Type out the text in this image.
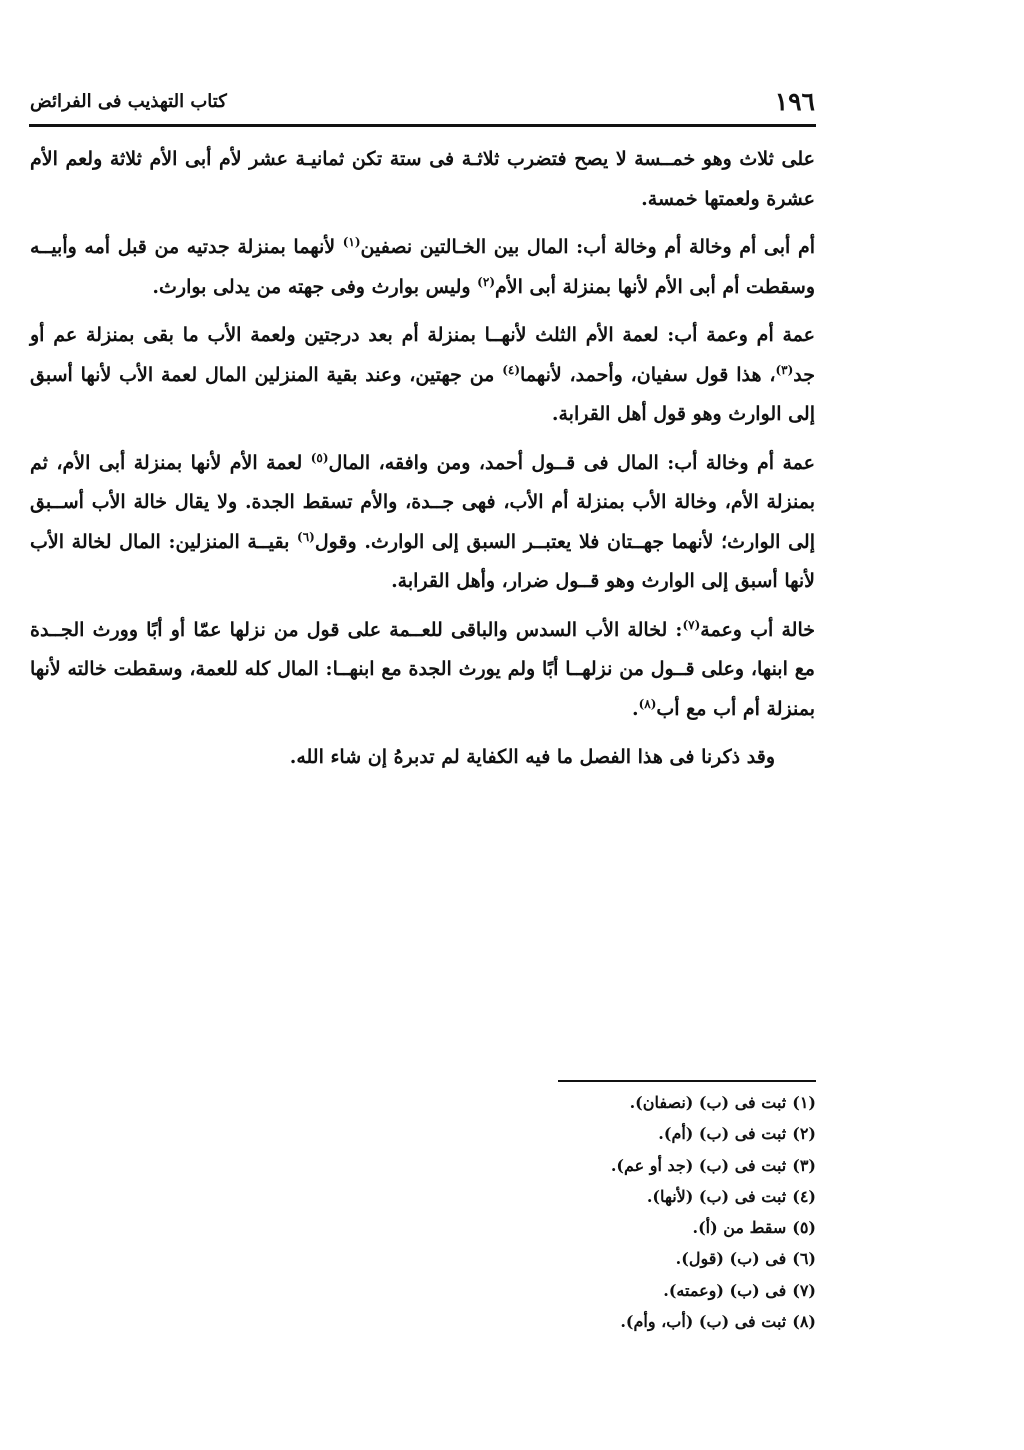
١٩٦
كتاب التهذيب فى الفرائض

على ثلاث وهو خمــسة لا يصح فتضرب ثلاثـة فى ستة تكن ثمانيـة عشر لأم أبى الأم ثلاثة ولعم الأم عشرة ولعمتها خمسة.

أم أبى أم وخالة أم وخالة أب: المال بين الخـالتين نصفين$^{(١)}$ لأنهما بمنزلة جدتيه من قبل أمه وأبيــه وسقطت أم أبى الأم لأنها بمنزلة أبى الأم$^{(٢)}$ وليس بوارث وفى جهته من يدلى بوارث.

عمة أم وعمة أب: لعمة الأم الثلث لأنهــا بمنزلة أم بعد درجتين ولعمة الأب ما بقى بمنزلة عم أو جد$^{(٣)}$، هذا قول سفيان، وأحمد، لأنهما$^{(٤)}$ من جهتين، وعند بقية المنزلين المال لعمة الأب لأنها أسبق إلى الوارث وهو قول أهل القرابة.

عمة أم وخالة أب: المال فى قــول أحمد، ومن وافقه، المال$^{(٥)}$ لعمة الأم لأنها بمنزلة أبى الأم، ثم بمنزلة الأم، وخالة الأب بمنزلة أم الأب، فهى جــدة، والأم تسقط الجدة. ولا يقال خالة الأب أســبق إلى الوارث؛ لأنهما جهــتان فلا يعتبــر السبق إلى الوارث. وقول$^{(٦)}$ بقيــة المنزلين: المال لخالة الأب لأنها أسبق إلى الوارث وهو قــول ضرار، وأهل القرابة.

خالة أب وعمة$^{(٧)}$: لخالة الأب السدس والباقى للعــمة على قول من نزلها عمّا أو أبًا وورث الجــدة مع ابنها، وعلى قــول من نزلهــا أبًا ولم يورث الجدة مع ابنهــا: المال كله للعمة، وسقطت خالته لأنها بمنزلة أم أب مع أب$^{(٨)}$.

وقد ذكرنا فى هذا الفصل ما فيه الكفاية لم تدبرهُ إن شاء الله.

(١)ثبت فى (ب) (نصفان).
(٢)ثبت فى (ب) (أم).
(٣)ثبت فى (ب) (جد أو عم).
(٤)ثبت فى (ب) (لأنها).
(٥)سقط من (أ).
(٦)فى (ب) (قول).
(٧)فى (ب) (وعمته).
(٨)ثبت فى (ب) (أب، وأم).
